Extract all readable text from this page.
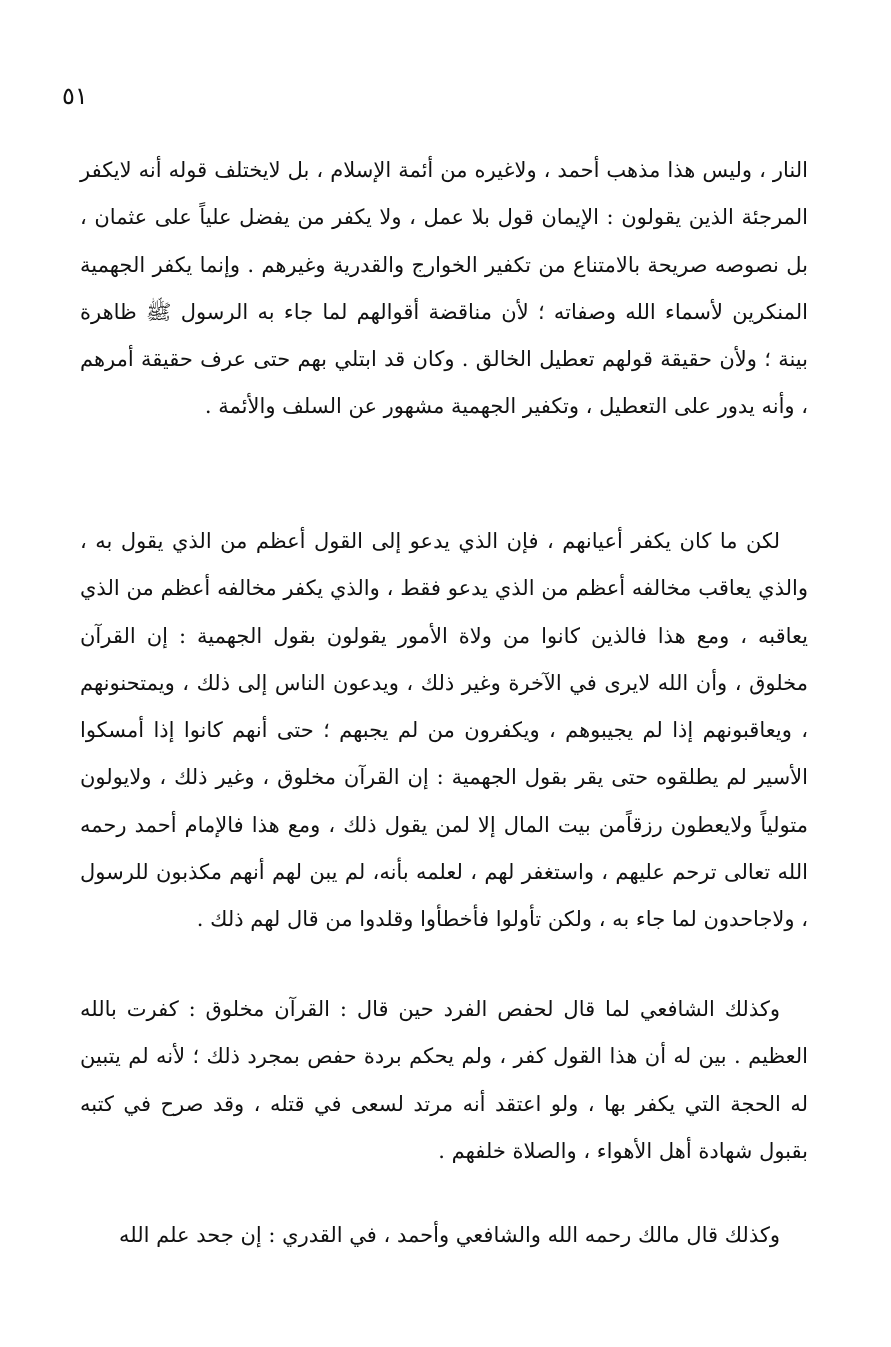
٥١

النار ، وليس هذا مذهب أحمد ، ولاغيره من أئمة الإسلام ، بل لايختلف قوله أنه لايكفر المرجئة الذين يقولون : الإيمان قول بلا عمل ، ولا يكفر من يفضل علياً على عثمان ، بل نصوصه صريحة بالامتناع من تكفير الخوارج والقدرية وغيرهم . وإنما يكفر الجهمية المنكرين لأسماء الله وصفاته ؛ لأن مناقضة أقوالهم لما جاء به الرسول ﷺ ظاهرة بينة ؛ ولأن حقيقة قولهم تعطيل الخالق . وكان قد ابتلي بهم حتى عرف حقيقة أمرهم ، وأنه يدور على التعطيل ، وتكفير الجهمية مشهور عن السلف والأئمة .

لكن ما كان يكفر أعيانهم ، فإن الذي يدعو إلى القول أعظم من الذي يقول به ، والذي يعاقب مخالفه أعظم من الذي يدعو فقط ، والذي يكفر مخالفه أعظم من الذي يعاقبه ، ومع هذا فالذين كانوا من ولاة الأمور يقولون بقول الجهمية : إن القرآن مخلوق ، وأن الله لايرى في الآخرة وغير ذلك ، ويدعون الناس إلى ذلك ، ويمتحنونهم ، ويعاقبونهم إذا لم يجيبوهم ، ويكفرون من لم يجبهم ؛ حتى أنهم كانوا إذا أمسكوا الأسير لم يطلقوه حتى يقر بقول الجهمية : إن القرآن مخلوق ، وغير ذلك ، ولايولون متولياً ولايعطون رزقاًمن بيت المال إلا لمن يقول ذلك ، ومع هذا فالإمام أحمد رحمه الله تعالى ترحم عليهم ، واستغفر لهم ، لعلمه بأنه، لم يبن لهم أنهم مكذبون للرسول ، ولاجاحدون لما جاء به ، ولكن تأولوا فأخطأوا وقلدوا من قال لهم ذلك .

وكذلك الشافعي لما قال لحفص الفرد حين قال : القرآن مخلوق : كفرت بالله العظيم . بين له أن هذا القول كفر ، ولم يحكم بردة حفص بمجرد ذلك ؛ لأنه لم يتبين له الحجة التي يكفر بها ، ولو اعتقد أنه مرتد لسعى في قتله ، وقد صرح في كتبه بقبول شهادة أهل الأهواء ، والصلاة خلفهم .

وكذلك قال مالك رحمه الله والشافعي وأحمد ، في القدري : إن جحد علم الله
